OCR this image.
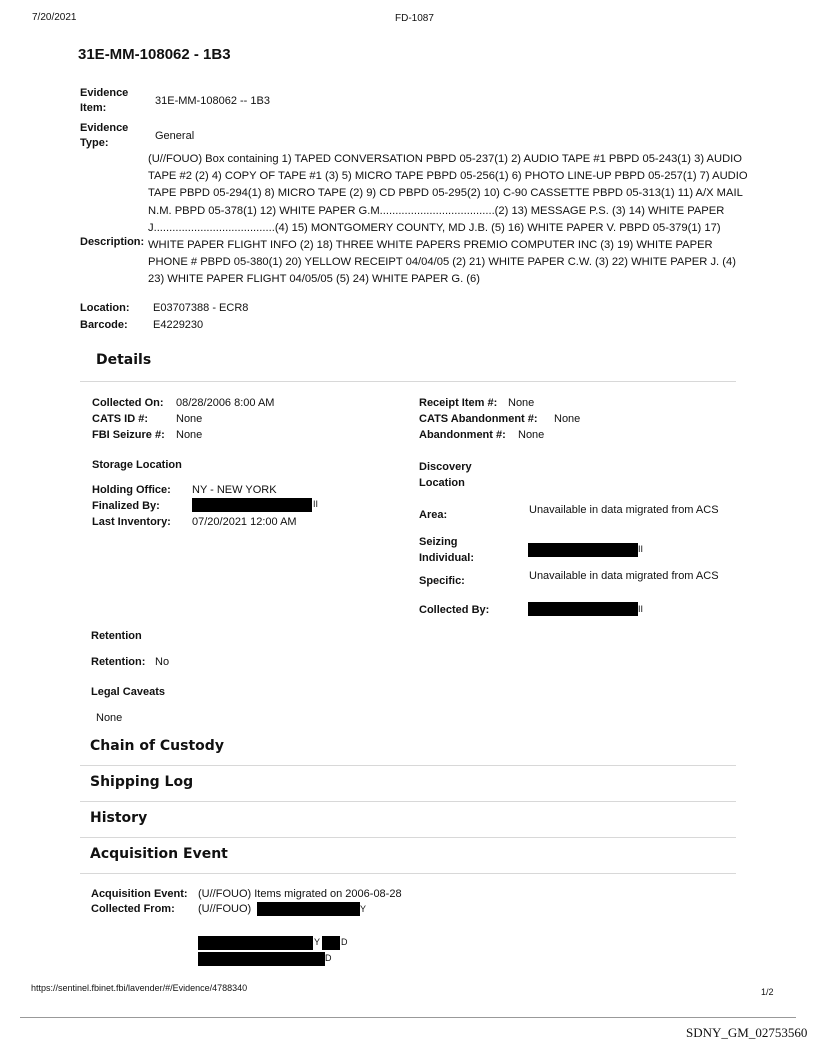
7/20/2021	FD-1087
31E-MM-108062 - 1B3
Evidence Item:
31E-MM-108062 -- 1B3
Evidence Type:
General
Description:
(U//FOUO) Box containing 1) TAPED CONVERSATION PBPD 05-237(1) 2) AUDIO TAPE #1 PBPD 05-243(1) 3) AUDIO TAPE #2 (2) 4) COPY OF TAPE #1 (3) 5) MICRO TAPE PBPD 05-256(1) 6) PHOTO LINE-UP PBPD 05-257(1) 7) AUDIO TAPE PBPD 05-294(1) 8) MICRO TAPE (2) 9) CD PBPD 05-295(2) 10) C-90 CASSETTE PBPD 05-313(1) 11) A/X MAIL N.M. PBPD 05-378(1) 12) WHITE PAPER G.M.....................................(2) 13) MESSAGE P.S. (3) 14) WHITE PAPER J.......................................(4) 15) MONTGOMERY COUNTY, MD J.B. (5) 16) WHITE PAPER V. PBPD 05-379(1) 17) WHITE PAPER FLIGHT INFO (2) 18) THREE WHITE PAPERS PREMIO COMPUTER INC (3) 19) WHITE PAPER PHONE # PBPD 05-380(1) 20) YELLOW RECEIPT 04/04/05 (2) 21) WHITE PAPER C.W. (3) 22) WHITE PAPER J. (4) 23) WHITE PAPER FLIGHT 04/05/05 (5) 24) WHITE PAPER G. (6)
Location: E03707388 - ECR8
Barcode: E4229230
Details
Collected On: 08/28/2006 8:00 AM
CATS ID #:	None
FBI Seizure #: None
Receipt Item #: None
CATS Abandonment #: None
Abandonment #: None
Storage Location
Holding Office: NY - NEW YORK
Finalized By:	II
Last Inventory: 07/20/2021 12:00 AM
Discovery Location
Area:	Unavailable in data migrated from ACS
Seizing Individual:
II
Specific:	Unavailable in data migrated from ACS
Collected By:	II
Retention
Retention: No
Legal Caveats
None
Chain of Custody
Shipping Log
History
Acquisition Event
Acquisition Event: (U//FOUO) Items migrated on 2006-08-28
Collected From: (U//FOUO)	Y
Y D
D
https://sentinel.fbinet.fbi/lavender/#/Evidence/4788340	1/2
SDNY_GM_02753560
